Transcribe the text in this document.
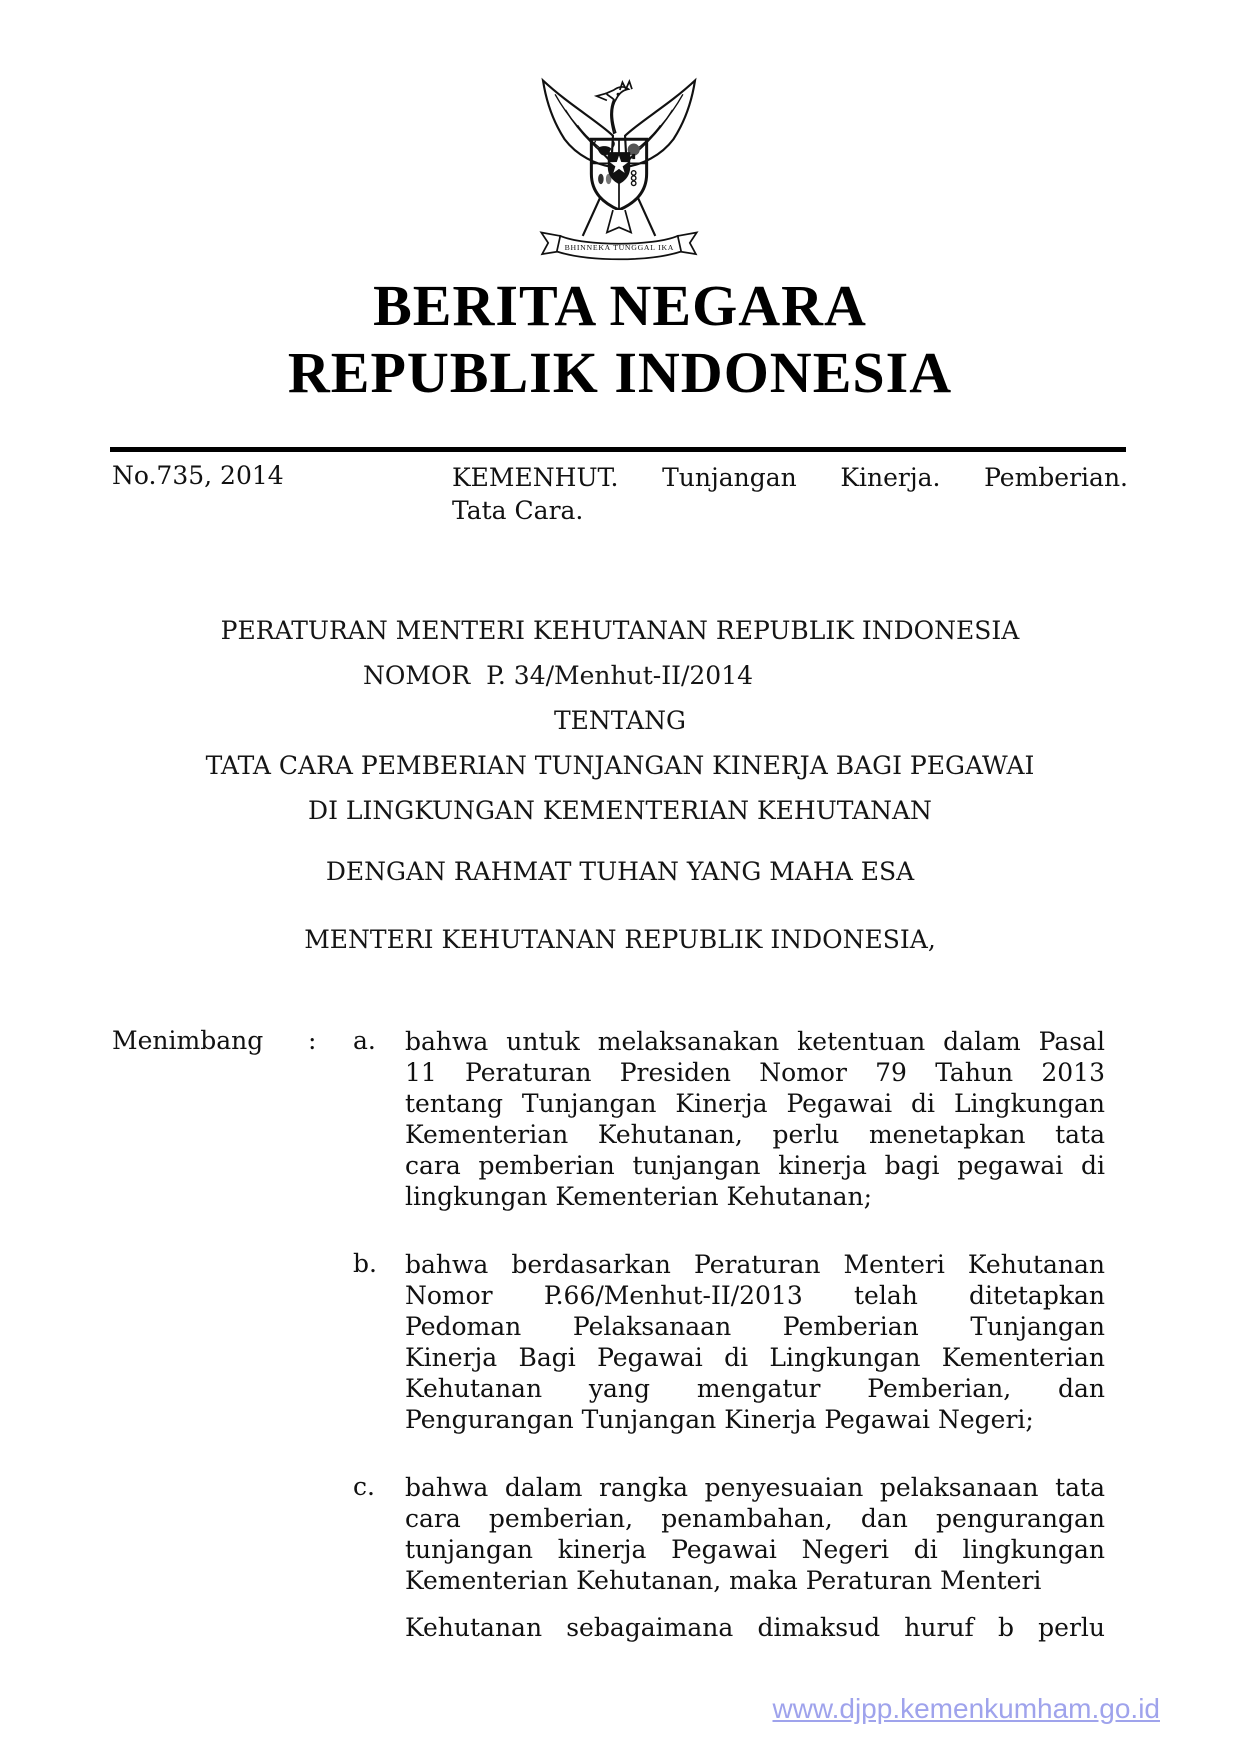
BHINNEKA TUNGGAL IKA
BERITA NEGARA
REPUBLIK INDONESIA
No.735, 2014	KEMENHUT. Tunjangan Kinerja. Pemberian.
Tata Cara.
PERATURAN MENTERI KEHUTANAN REPUBLIK INDONESIA
NOMOR  P. 34/Menhut-II/2014
TENTANG
TATA CARA PEMBERIAN TUNJANGAN KINERJA BAGI PEGAWAI
DI LINGKUNGAN KEMENTERIAN KEHUTANAN
DENGAN RAHMAT TUHAN YANG MAHA ESA
MENTERI KEHUTANAN REPUBLIK INDONESIA,
Menimbang : a. bahwa untuk melaksanakan ketentuan dalam Pasal
11 Peraturan Presiden Nomor 79 Tahun 2013
tentang Tunjangan Kinerja Pegawai di Lingkungan
Kementerian Kehutanan, perlu menetapkan tata
cara pemberian tunjangan kinerja bagi pegawai di
lingkungan Kementerian Kehutanan;
b. bahwa berdasarkan Peraturan Menteri Kehutanan
Nomor P.66/Menhut-II/2013 telah ditetapkan
Pedoman Pelaksanaan Pemberian Tunjangan
Kinerja Bagi Pegawai di Lingkungan Kementerian
Kehutanan yang mengatur Pemberian, dan
Pengurangan Tunjangan Kinerja Pegawai Negeri;
c. bahwa dalam rangka penyesuaian pelaksanaan tata
cara pemberian, penambahan, dan pengurangan
tunjangan kinerja Pegawai Negeri di lingkungan
Kementerian Kehutanan, maka Peraturan Menteri
Kehutanan sebagaimana dimaksud huruf b perlu
www.djpp.kemenkumham.go.id
